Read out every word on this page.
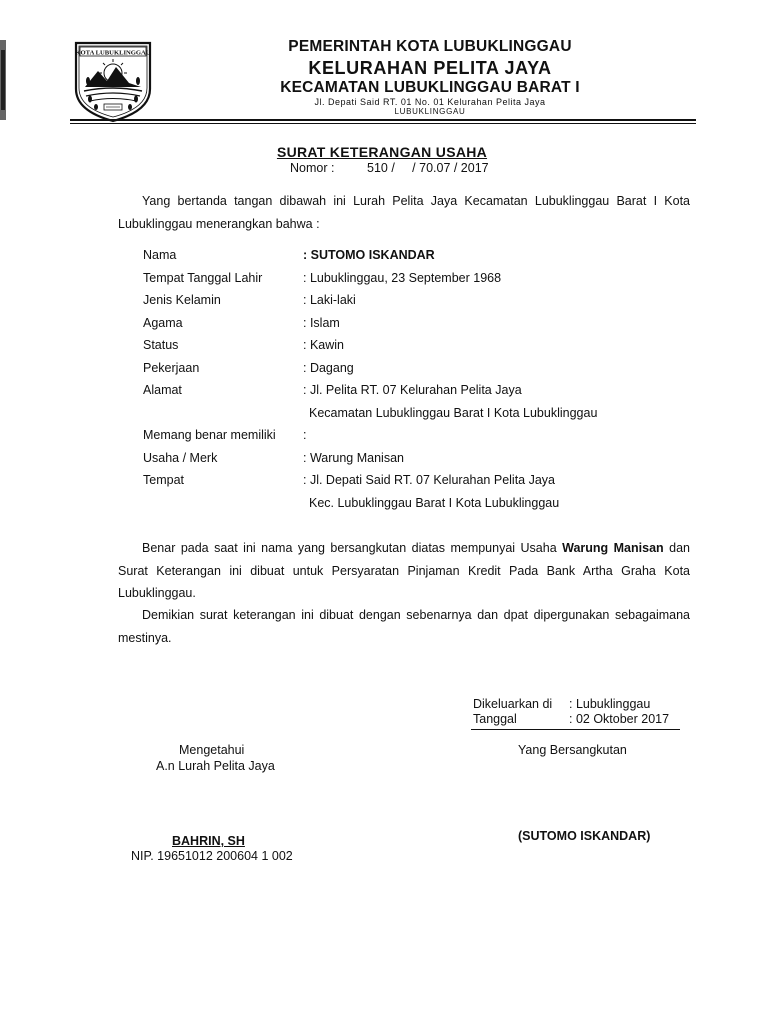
KOTA LUBUKLINGGAU	PEMERINTAH KOTA LUBUKLINGGAU
KELURAHAN PELITA JAYA
KECAMATAN LUBUKLINGGAU BARAT I
Jl. Depati Said RT. 01 No. 01 Kelurahan Pelita Jaya
LUBUKLINGGAU
SURAT KETERANGAN USAHA
Nomor :	510 /     / 70.07 / 2017

Yang bertanda tangan dibawah ini Lurah Pelita Jaya Kecamatan Lubuklinggau Barat I Kota Lubuklinggau menerangkan bahwa :

Nama	: SUTOMO ISKANDAR
Tempat Tanggal Lahir	: Lubuklinggau, 23 September 1968
Jenis Kelamin	: Laki-laki
Agama	: Islam
Status	: Kawin
Pekerjaan	: Dagang
Alamat	: Jl. Pelita RT. 07 Kelurahan Pelita Jaya
Kecamatan Lubuklinggau Barat I Kota Lubuklinggau
Memang benar memiliki :
Usaha / Merk	: Warung Manisan
Tempat	: Jl. Depati Said RT. 07 Kelurahan Pelita Jaya
Kec. Lubuklinggau Barat I Kota Lubuklinggau

Benar pada saat ini nama yang bersangkutan diatas mempunyai Usaha Warung Manisan dan Surat Keterangan ini dibuat untuk Persyaratan Pinjaman Kredit Pada Bank Artha Graha Kota Lubuklinggau.

Demikian surat keterangan ini dibuat dengan sebenarnya dan dpat dipergunakan sebagaimana mestinya.

Dikeluarkan di : Lubuklinggau
Tanggal	: 02 Oktober 2017
Mengetahui
A.n Lurah Pelita Jaya
Yang Bersangkutan
BAHRIN, SH
NIP. 19651012 200604 1 002
(SUTOMO ISKANDAR)
